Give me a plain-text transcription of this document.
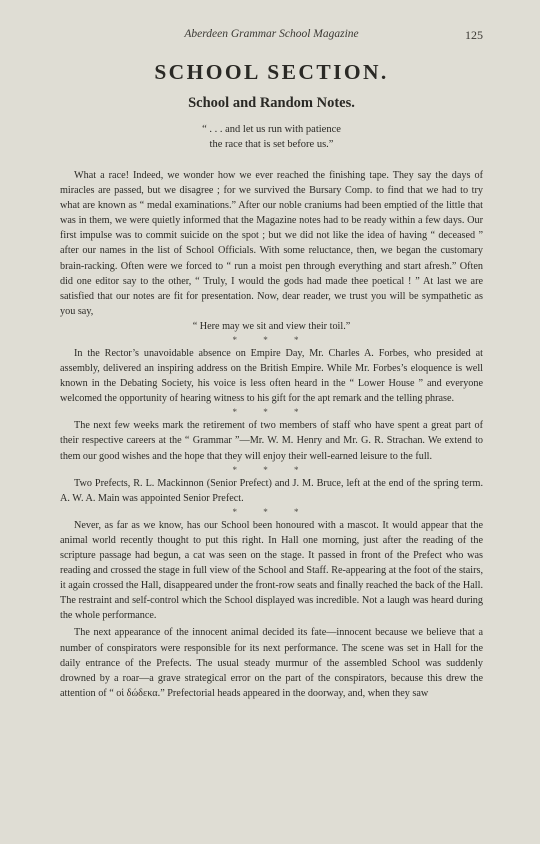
Aberdeen Grammar School Magazine	125
SCHOOL SECTION.
School and Random Notes.
“ . . . and let us run with patience
the race that is set before us.”

What a race! Indeed, we wonder how we ever reached the finishing tape. They say the days of miracles are passed, but we disagree ; for we survived the Bursary Comp. to find that we had to try what are known as “ medal examinations.” After our noble craniums had been emptied of the little that was in them, we were quietly informed that the Magazine notes had to be ready within a few days. Our first impulse was to commit suicide on the spot ; but we did not like the idea of having “ deceased ” after our names in the list of School Officials. With some reluctance, then, we began the customary brain-racking. Often were we forced to “ run a moist pen through everything and start afresh.” Often did one editor say to the other, “ Truly, I would the gods had made thee poetical ! ” At last we are satisfied that our notes are fit for presentation. Now, dear reader, we trust you will be sympathetic as you say,

“ Here may we sit and view their toil.”

* * *

In the Rector’s unavoidable absence on Empire Day, Mr. Charles A. Forbes, who presided at assembly, delivered an inspiring address on the British Empire. While Mr. Forbes’s eloquence is well known in the Debating Society, his voice is less often heard in the “ Lower House ” and everyone welcomed the opportunity of hearing witness to his gift for the apt remark and the telling phrase.

* * *

The next few weeks mark the retirement of two members of staff who have spent a great part of their respective careers at the “ Grammar ”—Mr. W. M. Henry and Mr. G. R. Strachan. We extend to them our good wishes and the hope that they will enjoy their well-earned leisure to the full.

* * *

Two Prefects, R. L. Mackinnon (Senior Prefect) and J. M. Bruce, left at the end of the spring term. A. W. A. Main was appointed Senior Prefect.

* * *

Never, as far as we know, has our School been honoured with a mascot. It would appear that the animal world recently thought to put this right. In Hall one morning, just after the reading of the scripture passage had begun, a cat was seen on the stage. It passed in front of the Prefect who was reading and crossed the stage in full view of the School and Staff. Re-appearing at the foot of the stairs, it again crossed the Hall, disappeared under the front-row seats and finally reached the back of the Hall. The restraint and self-control which the School displayed was incredible. Not a laugh was heard during the whole performance.

The next appearance of the innocent animal decided its fate—innocent because we believe that a number of conspirators were responsible for its next performance. The scene was set in Hall for the daily entrance of the Prefects. The usual steady murmur of the assembled School was suddenly drowned by a roar—a grave strategical error on the part of the conspirators, because this drew the attention of “ οἱ δώδεκα.” Prefectorial heads appeared in the doorway, and, when they saw
